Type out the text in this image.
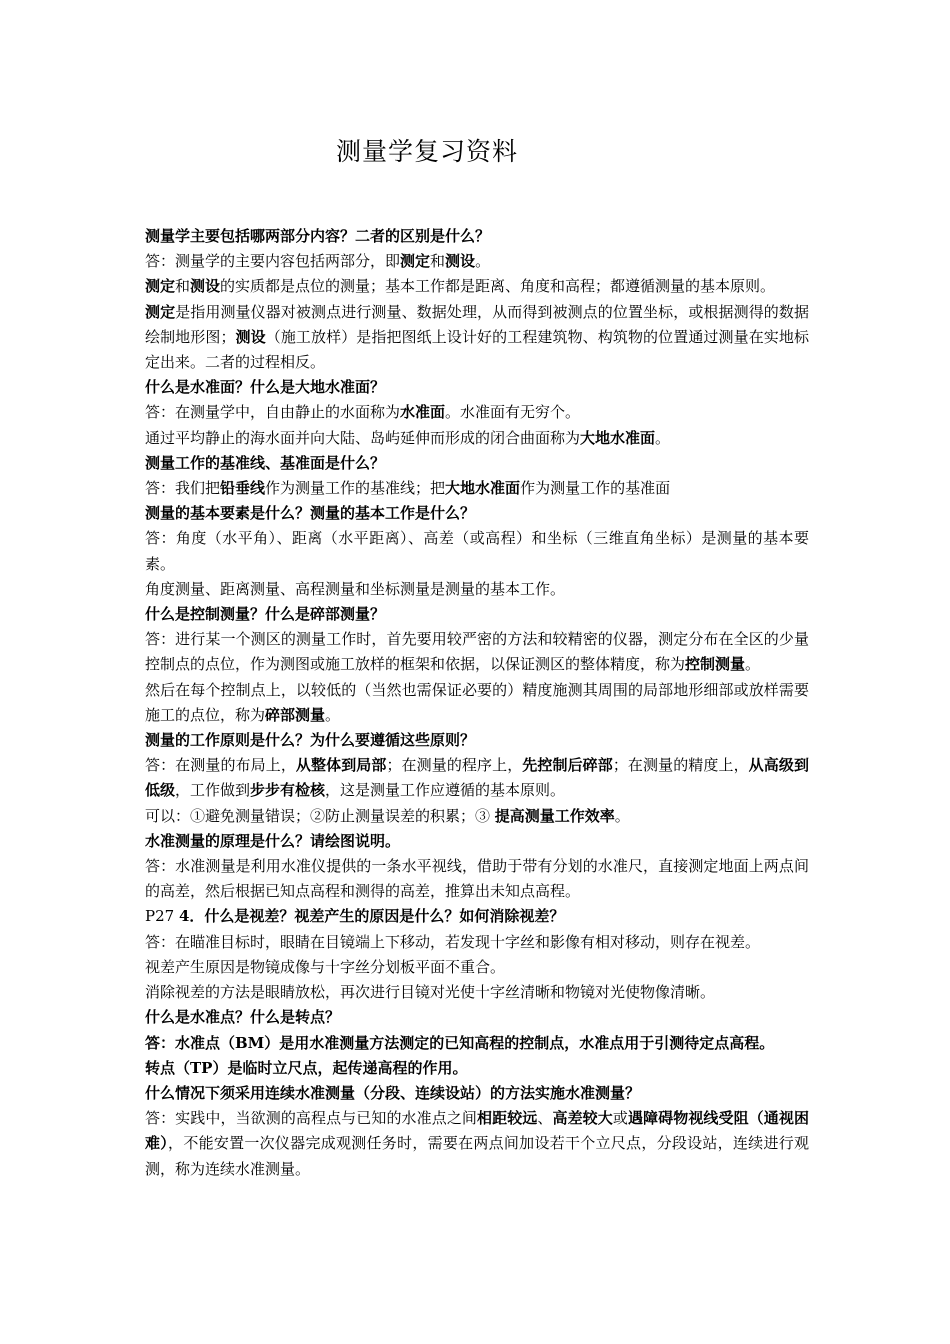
测量学复习资料

测量学主要包括哪两部分内容？二者的区别是什么？

答：测量学的主要内容包括两部分，即测定和测设。

测定和测设的实质都是点位的测量；基本工作都是距离、角度和高程；都遵循测量的基本原则。

测定是指用测量仪器对被测点进行测量、数据处理，从而得到被测点的位置坐标，或根据测得的数据绘制地形图；测设（施工放样）是指把图纸上设计好的工程建筑物、构筑物的位置通过测量在实地标定出来。二者的过程相反。

什么是水准面？什么是大地水准面？

答：在测量学中，自由静止的水面称为水准面。水准面有无穷个。

通过平均静止的海水面并向大陆、岛屿延伸而形成的闭合曲面称为大地水准面。

测量工作的基准线、基准面是什么？

答：我们把铅垂线作为测量工作的基准线；把大地水准面作为测量工作的基准面

测量的基本要素是什么？测量的基本工作是什么？

答：角度（水平角）、距离（水平距离）、高差（或高程）和坐标（三维直角坐标）是测量的基本要素。

角度测量、距离测量、高程测量和坐标测量是测量的基本工作。

什么是控制测量？什么是碎部测量？

答：进行某一个测区的测量工作时，首先要用较严密的方法和较精密的仪器，测定分布在全区的少量控制点的点位，作为测图或施工放样的框架和依据，以保证测区的整体精度，称为控制测量。

然后在每个控制点上，以较低的（当然也需保证必要的）精度施测其周围的局部地形细部或放样需要施工的点位，称为碎部测量。

测量的工作原则是什么？为什么要遵循这些原则？

答：在测量的布局上，从整体到局部；在测量的程序上，先控制后碎部；在测量的精度上，从高级到低级，工作做到步步有检核，这是测量工作应遵循的基本原则。

可以：①避免测量错误；②防止测量误差的积累；③ 提高测量工作效率。

水准测量的原理是什么？请绘图说明。

答：水准测量是利用水准仪提供的一条水平视线，借助于带有分划的水准尺，直接测定地面上两点间的高差，然后根据已知点高程和测得的高差，推算出未知点高程。

P27 4．什么是视差？视差产生的原因是什么？如何消除视差？

答：在瞄准目标时，眼睛在目镜端上下移动，若发现十字丝和影像有相对移动，则存在视差。

视差产生原因是物镜成像与十字丝分划板平面不重合。

消除视差的方法是眼睛放松，再次进行目镜对光使十字丝清晰和物镜对光使物像清晰。

什么是水准点？什么是转点？

答：水准点（BM）是用水准测量方法测定的已知高程的控制点，水准点用于引测待定点高程。

转点（TP）是临时立尺点，起传递高程的作用。

什么情况下须采用连续水准测量（分段、连续设站）的方法实施水准测量？

答：实践中，当欲测的高程点与已知的水准点之间相距较远、高差较大或遇障碍物视线受阻（通视困难），不能安置一次仪器完成观测任务时，需要在两点间加设若干个立尺点，分段设站，连续进行观测，称为连续水准测量。
